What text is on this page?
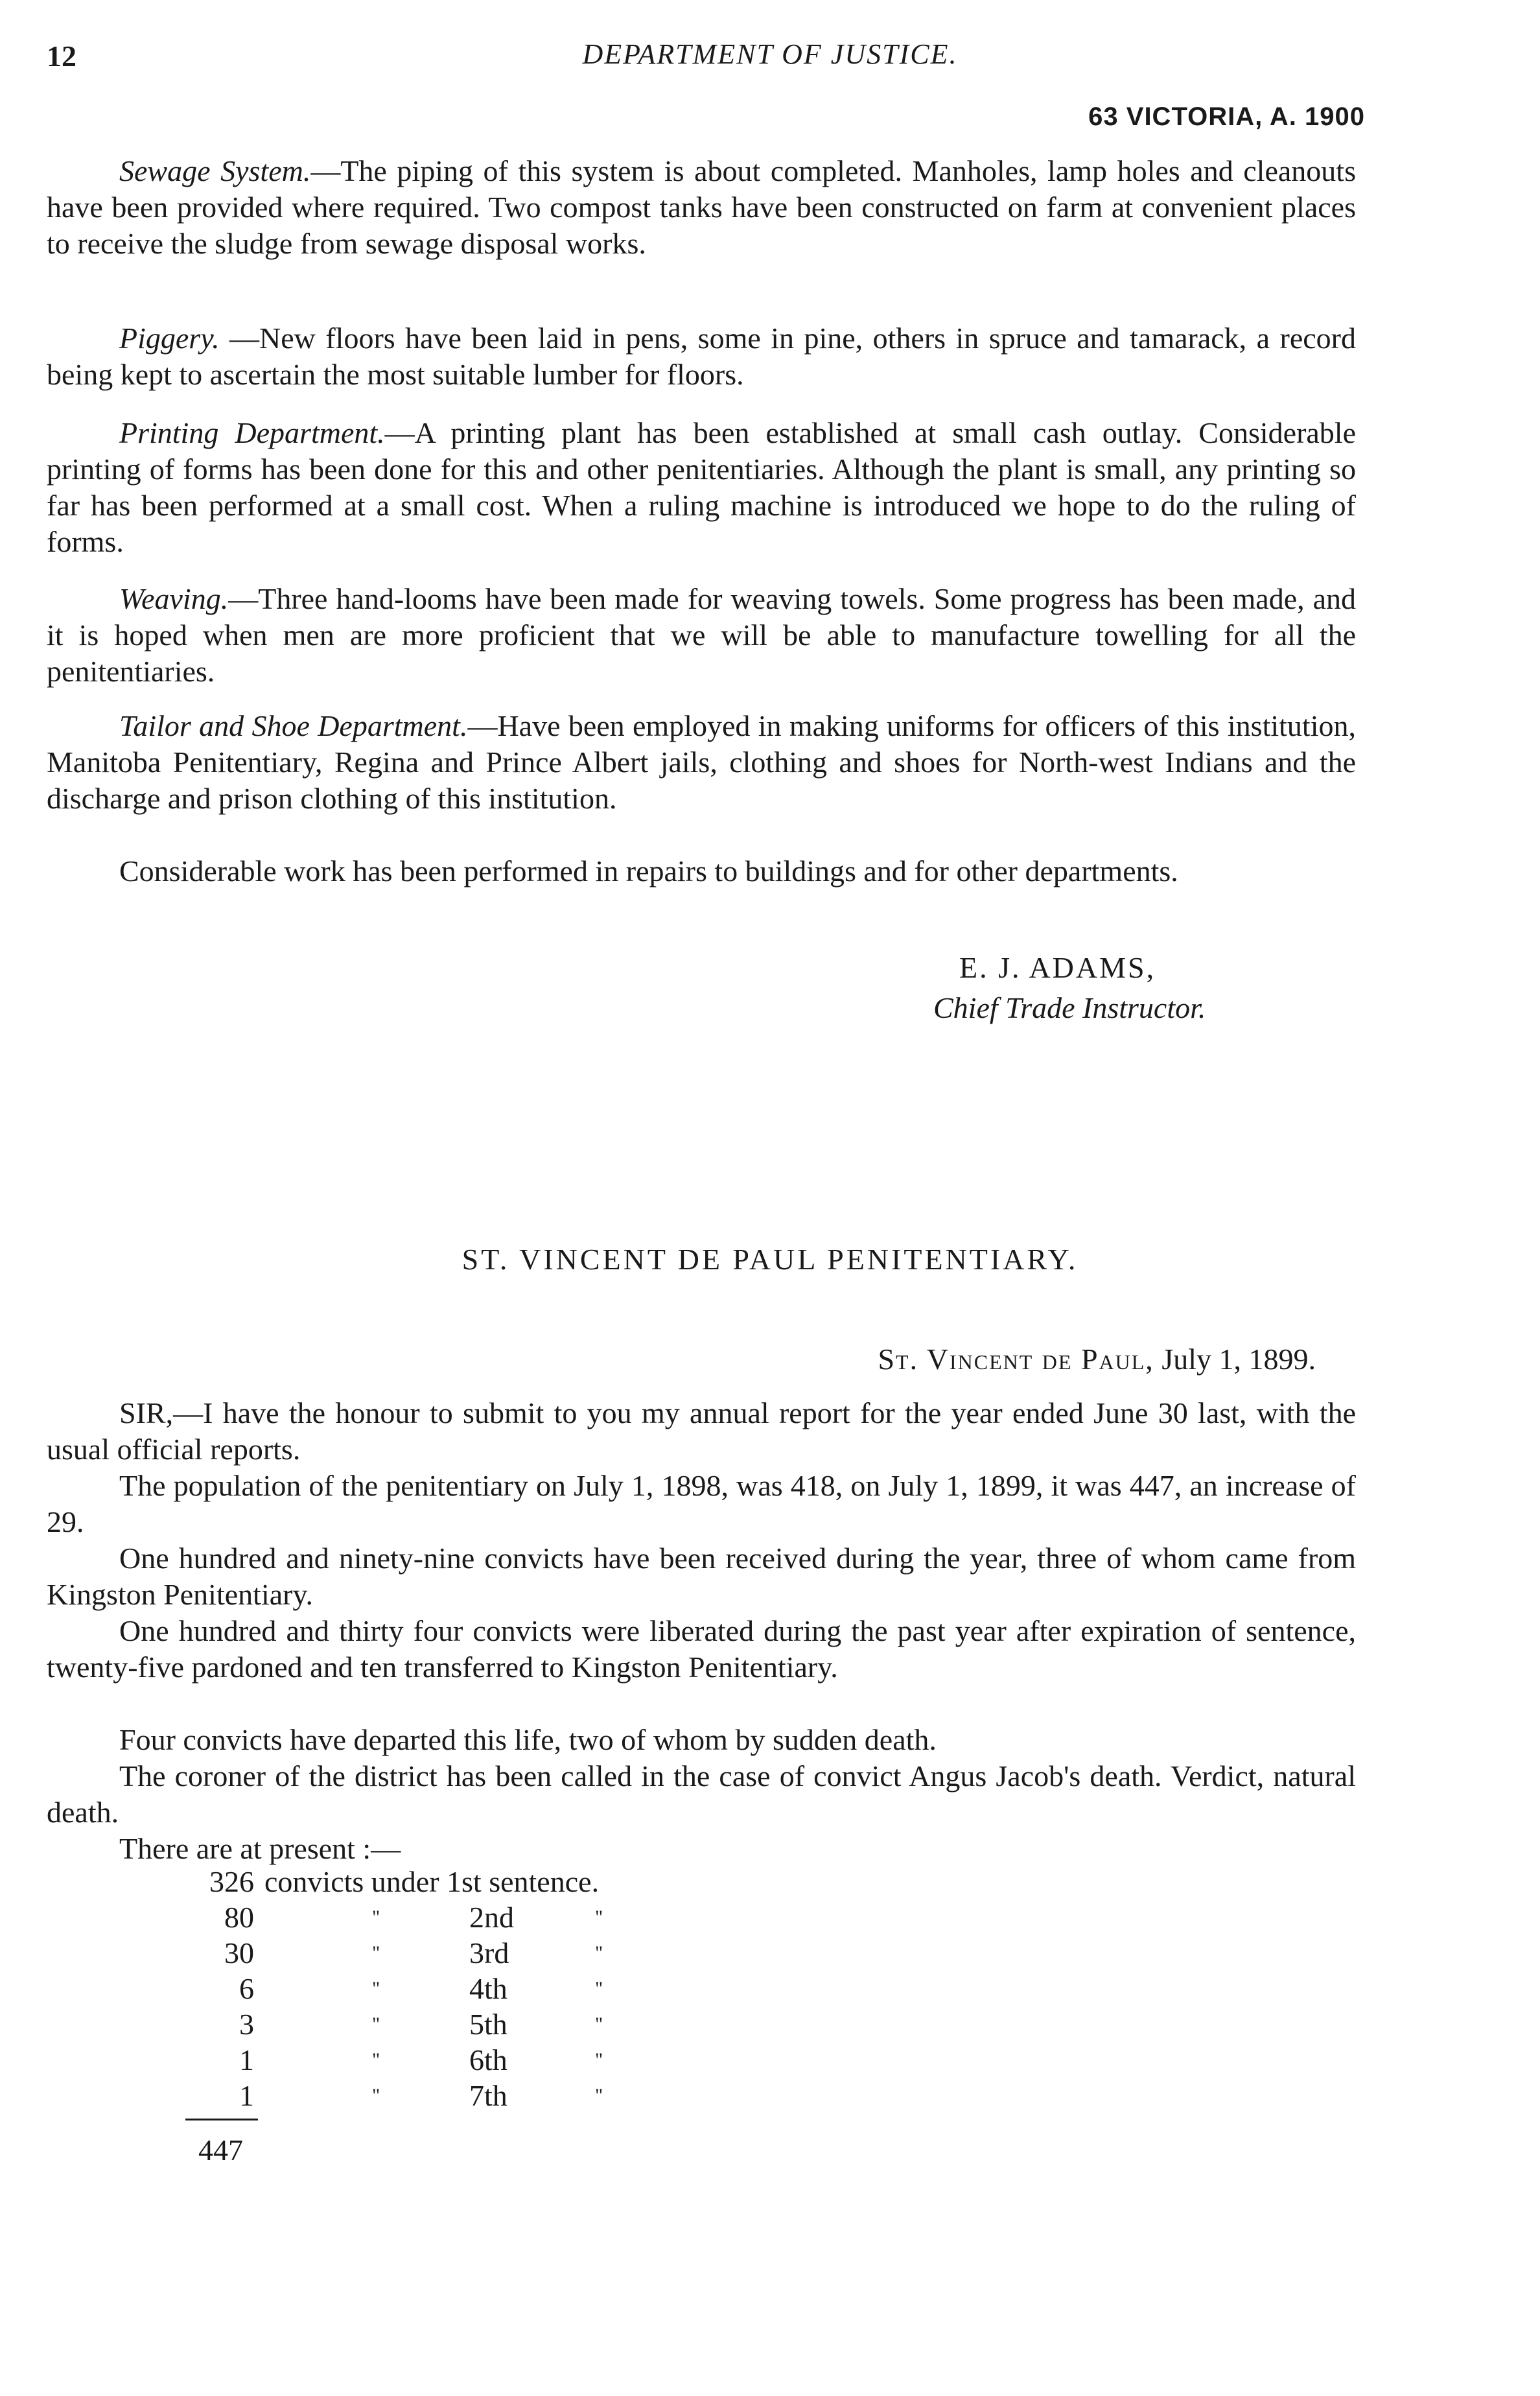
12	DEPARTMENT OF JUSTICE.
63 VICTORIA, A. 1900
Sewage System.—The piping of this system is about completed. Manholes, lamp holes and cleanouts have been provided where required. Two compost tanks have been constructed on farm at convenient places to receive the sludge from sewage disposal works.
Piggery. —New floors have been laid in pens, some in pine, others in spruce and tamarack, a record being kept to ascertain the most suitable lumber for floors.
Printing Department.—A printing plant has been established at small cash outlay. Considerable printing of forms has been done for this and other penitentiaries. Although the plant is small, any printing so far has been performed at a small cost. When a ruling machine is introduced we hope to do the ruling of forms.
Weaving.—Three hand-looms have been made for weaving towels. Some progress has been made, and it is hoped when men are more proficient that we will be able to manufacture towelling for all the penitentiaries.
Tailor and Shoe Department.—Have been employed in making uniforms for officers of this institution, Manitoba Penitentiary, Regina and Prince Albert jails, clothing and shoes for North-west Indians and the discharge and prison clothing of this institution.
Considerable work has been performed in repairs to buildings and for other departments.
E. J. ADAMS,
Chief Trade Instructor.
ST. VINCENT DE PAUL PENITENTIARY.
St. Vincent de Paul, July 1, 1899.
SIR,—I have the honour to submit to you my annual report for the year ended June 30 last, with the usual official reports.
The population of the penitentiary on July 1, 1898, was 418, on July 1, 1899, it was 447, an increase of 29.
One hundred and ninety-nine convicts have been received during the year, three of whom came from Kingston Penitentiary.
One hundred and thirty four convicts were liberated during the past year after expiration of sentence, twenty-five pardoned and ten transferred to Kingston Penitentiary.
Four convicts have departed this life, two of whom by sudden death.
The coroner of the district has been called in the case of convict Angus Jacob's death. Verdict, natural death.
There are at present :—
326 convicts under 1st sentence.
80	"	2nd	"
30	"	3rd	"
6	"	4th	"
3	"	5th	"
1	"	6th	"
1	"	7th	"
447
